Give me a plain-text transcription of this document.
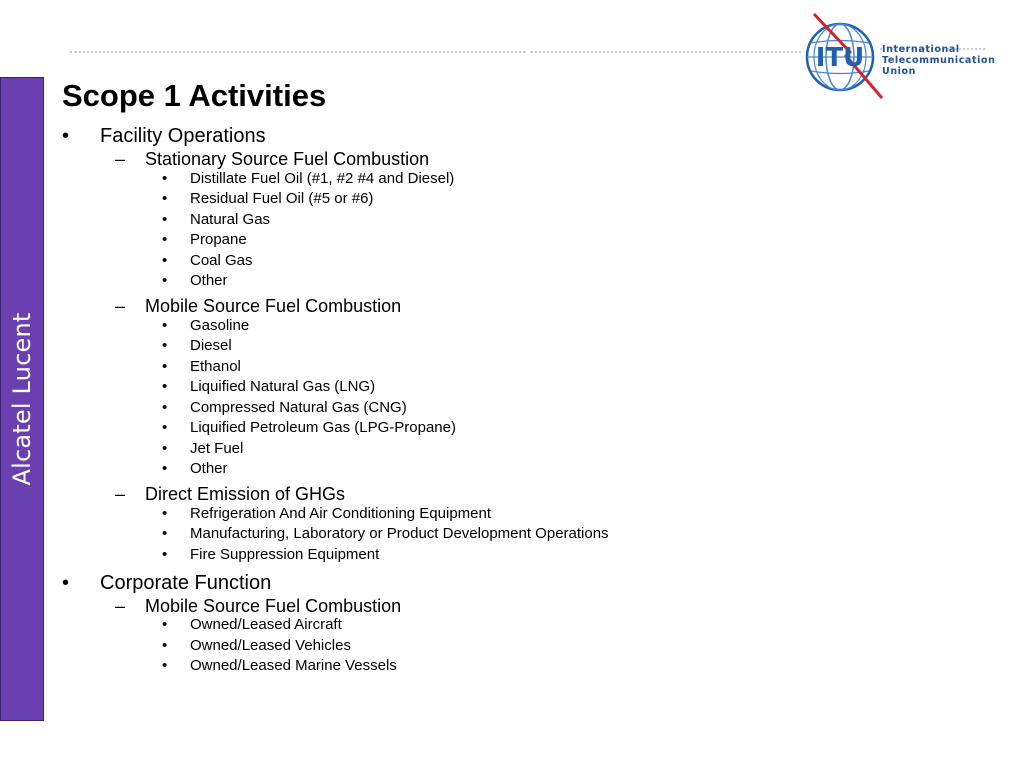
Alcatel Lucent
ITU International
Telecommunication
Union
Scope 1 Activities
• Facility Operations
– Stationary Source Fuel Combustion
• Distillate Fuel Oil (#1, #2 #4 and Diesel)
• Residual Fuel Oil (#5 or #6)
• Natural Gas
• Propane
• Coal Gas
• Other
– Mobile Source Fuel Combustion
• Gasoline
• Diesel
• Ethanol
• Liquified Natural Gas (LNG)
• Compressed Natural Gas (CNG)
• Liquified Petroleum Gas (LPG-Propane)
• Jet Fuel
• Other
– Direct Emission of GHGs
• Refrigeration And Air Conditioning Equipment
• Manufacturing, Laboratory or Product Development Operations
• Fire Suppression Equipment
• Corporate Function
– Mobile Source Fuel Combustion
• Owned/Leased Aircraft
• Owned/Leased Vehicles
• Owned/Leased Marine Vessels
